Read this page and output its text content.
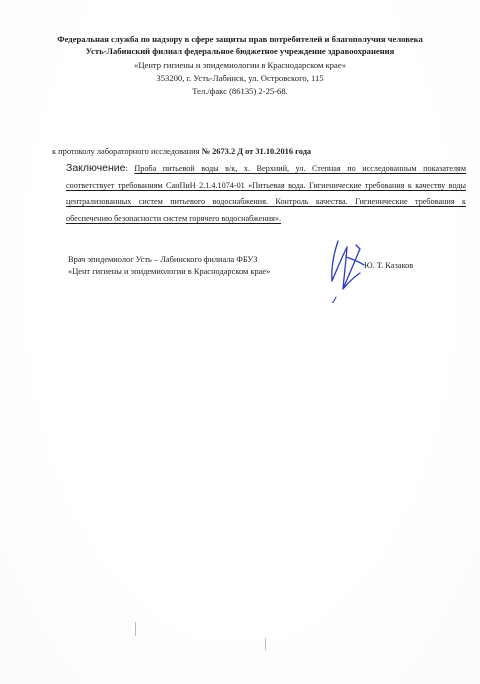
Федеральная служба по надзору в сфере защиты прав потребителей и благополучия человека
Усть-Лабинский филиал федеральное бюджетное учреждение здравоохранения
«Центр гигиены и эпидемиологии в Краснодарском крае»
353200, г. Усть-Лабинск, ул. Островского, 115
Тел./факс (86135) 2-25-68.
к протоколу лабораторного исследования № 2673.2 Д от 31.10.2016 года
Заключение: Проба питьевой воды в/к, х. Верхний, ул. Степная по исследованным показателям соответствует требованиям СанПиН 2.1.4.1074-01 «Питьевая вода. Гигиенические требования к качеству воды централизованных систем питьевого водоснабжения. Контроль качества. Гигиенические требования к обеспечению безопасности систем горячего водоснабжения».
Врач эпидемиолог Усть – Лабинского филиала ФБУЗ
«Цент гигиены и эпидемиологии в Краснодарском крае»
Ю. Т. Казаков
